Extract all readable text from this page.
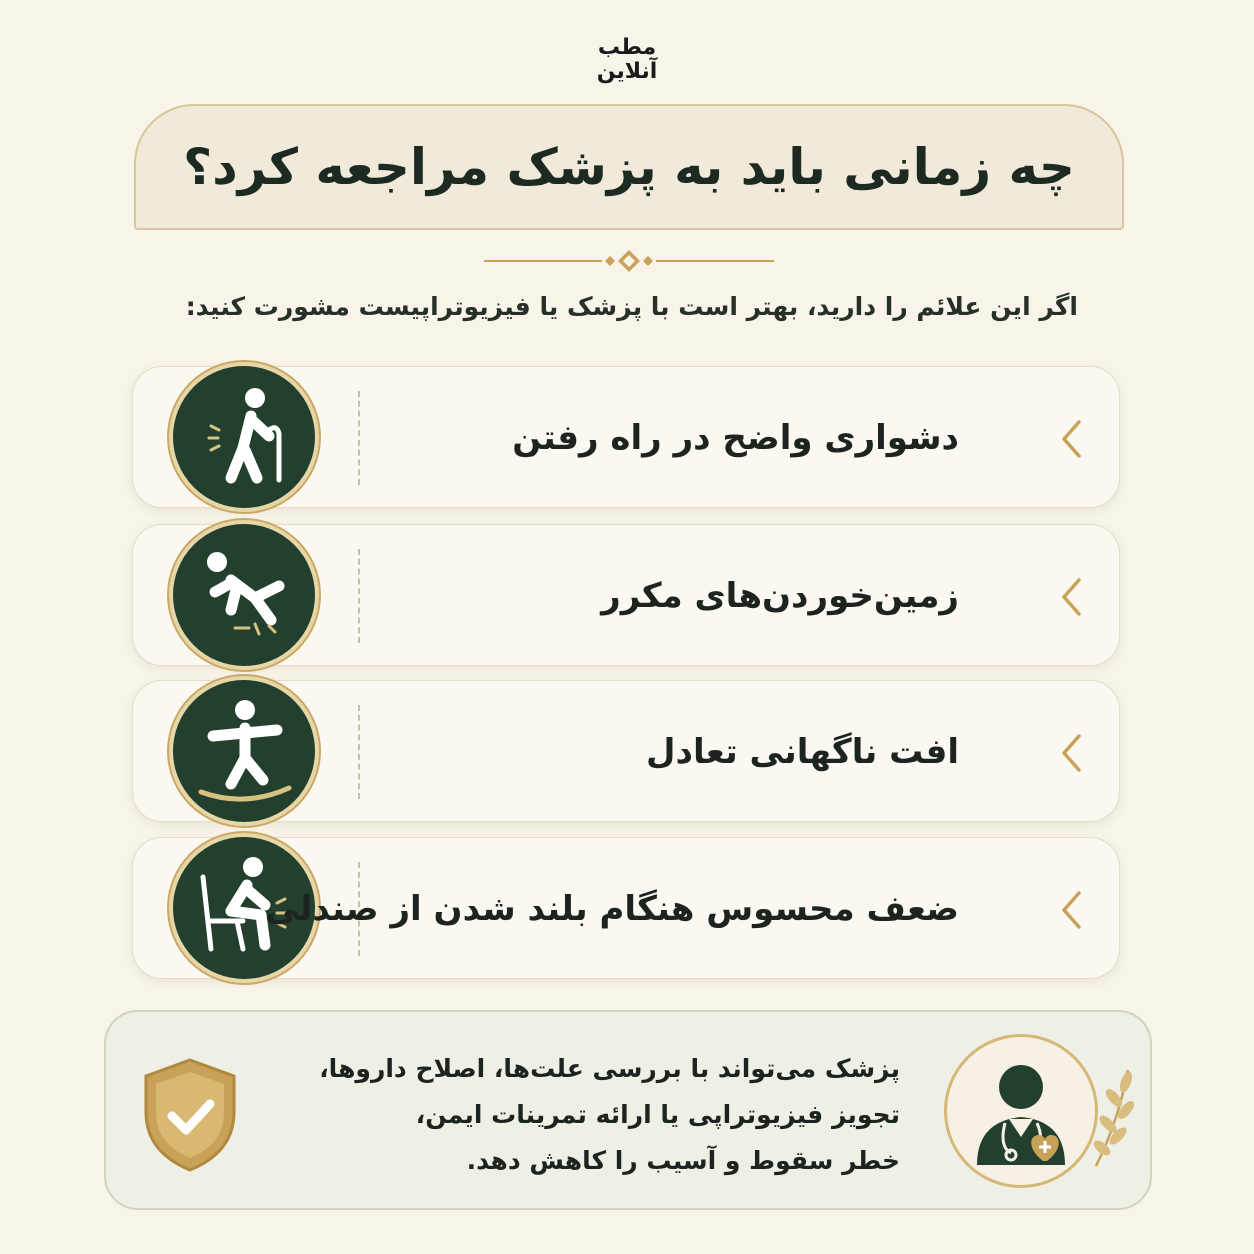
مطب
آنلاین
چه زمانی باید به پزشک مراجعه کرد؟
اگر این علائم را دارید، بهتر است با پزشک یا فیزیوتراپیست مشورت کنید:
دشواری واضح در راه رفتن
زمین‌خوردن‌های مکرر
افت ناگهانی تعادل
ضعف محسوس هنگام بلند شدن از صندلی
پزشک می‌تواند با بررسی علت‌ها، اصلاح داروها،
تجویز فیزیوتراپی یا ارائه تمرینات ایمن،
خطر سقوط و آسیب را کاهش دهد.
